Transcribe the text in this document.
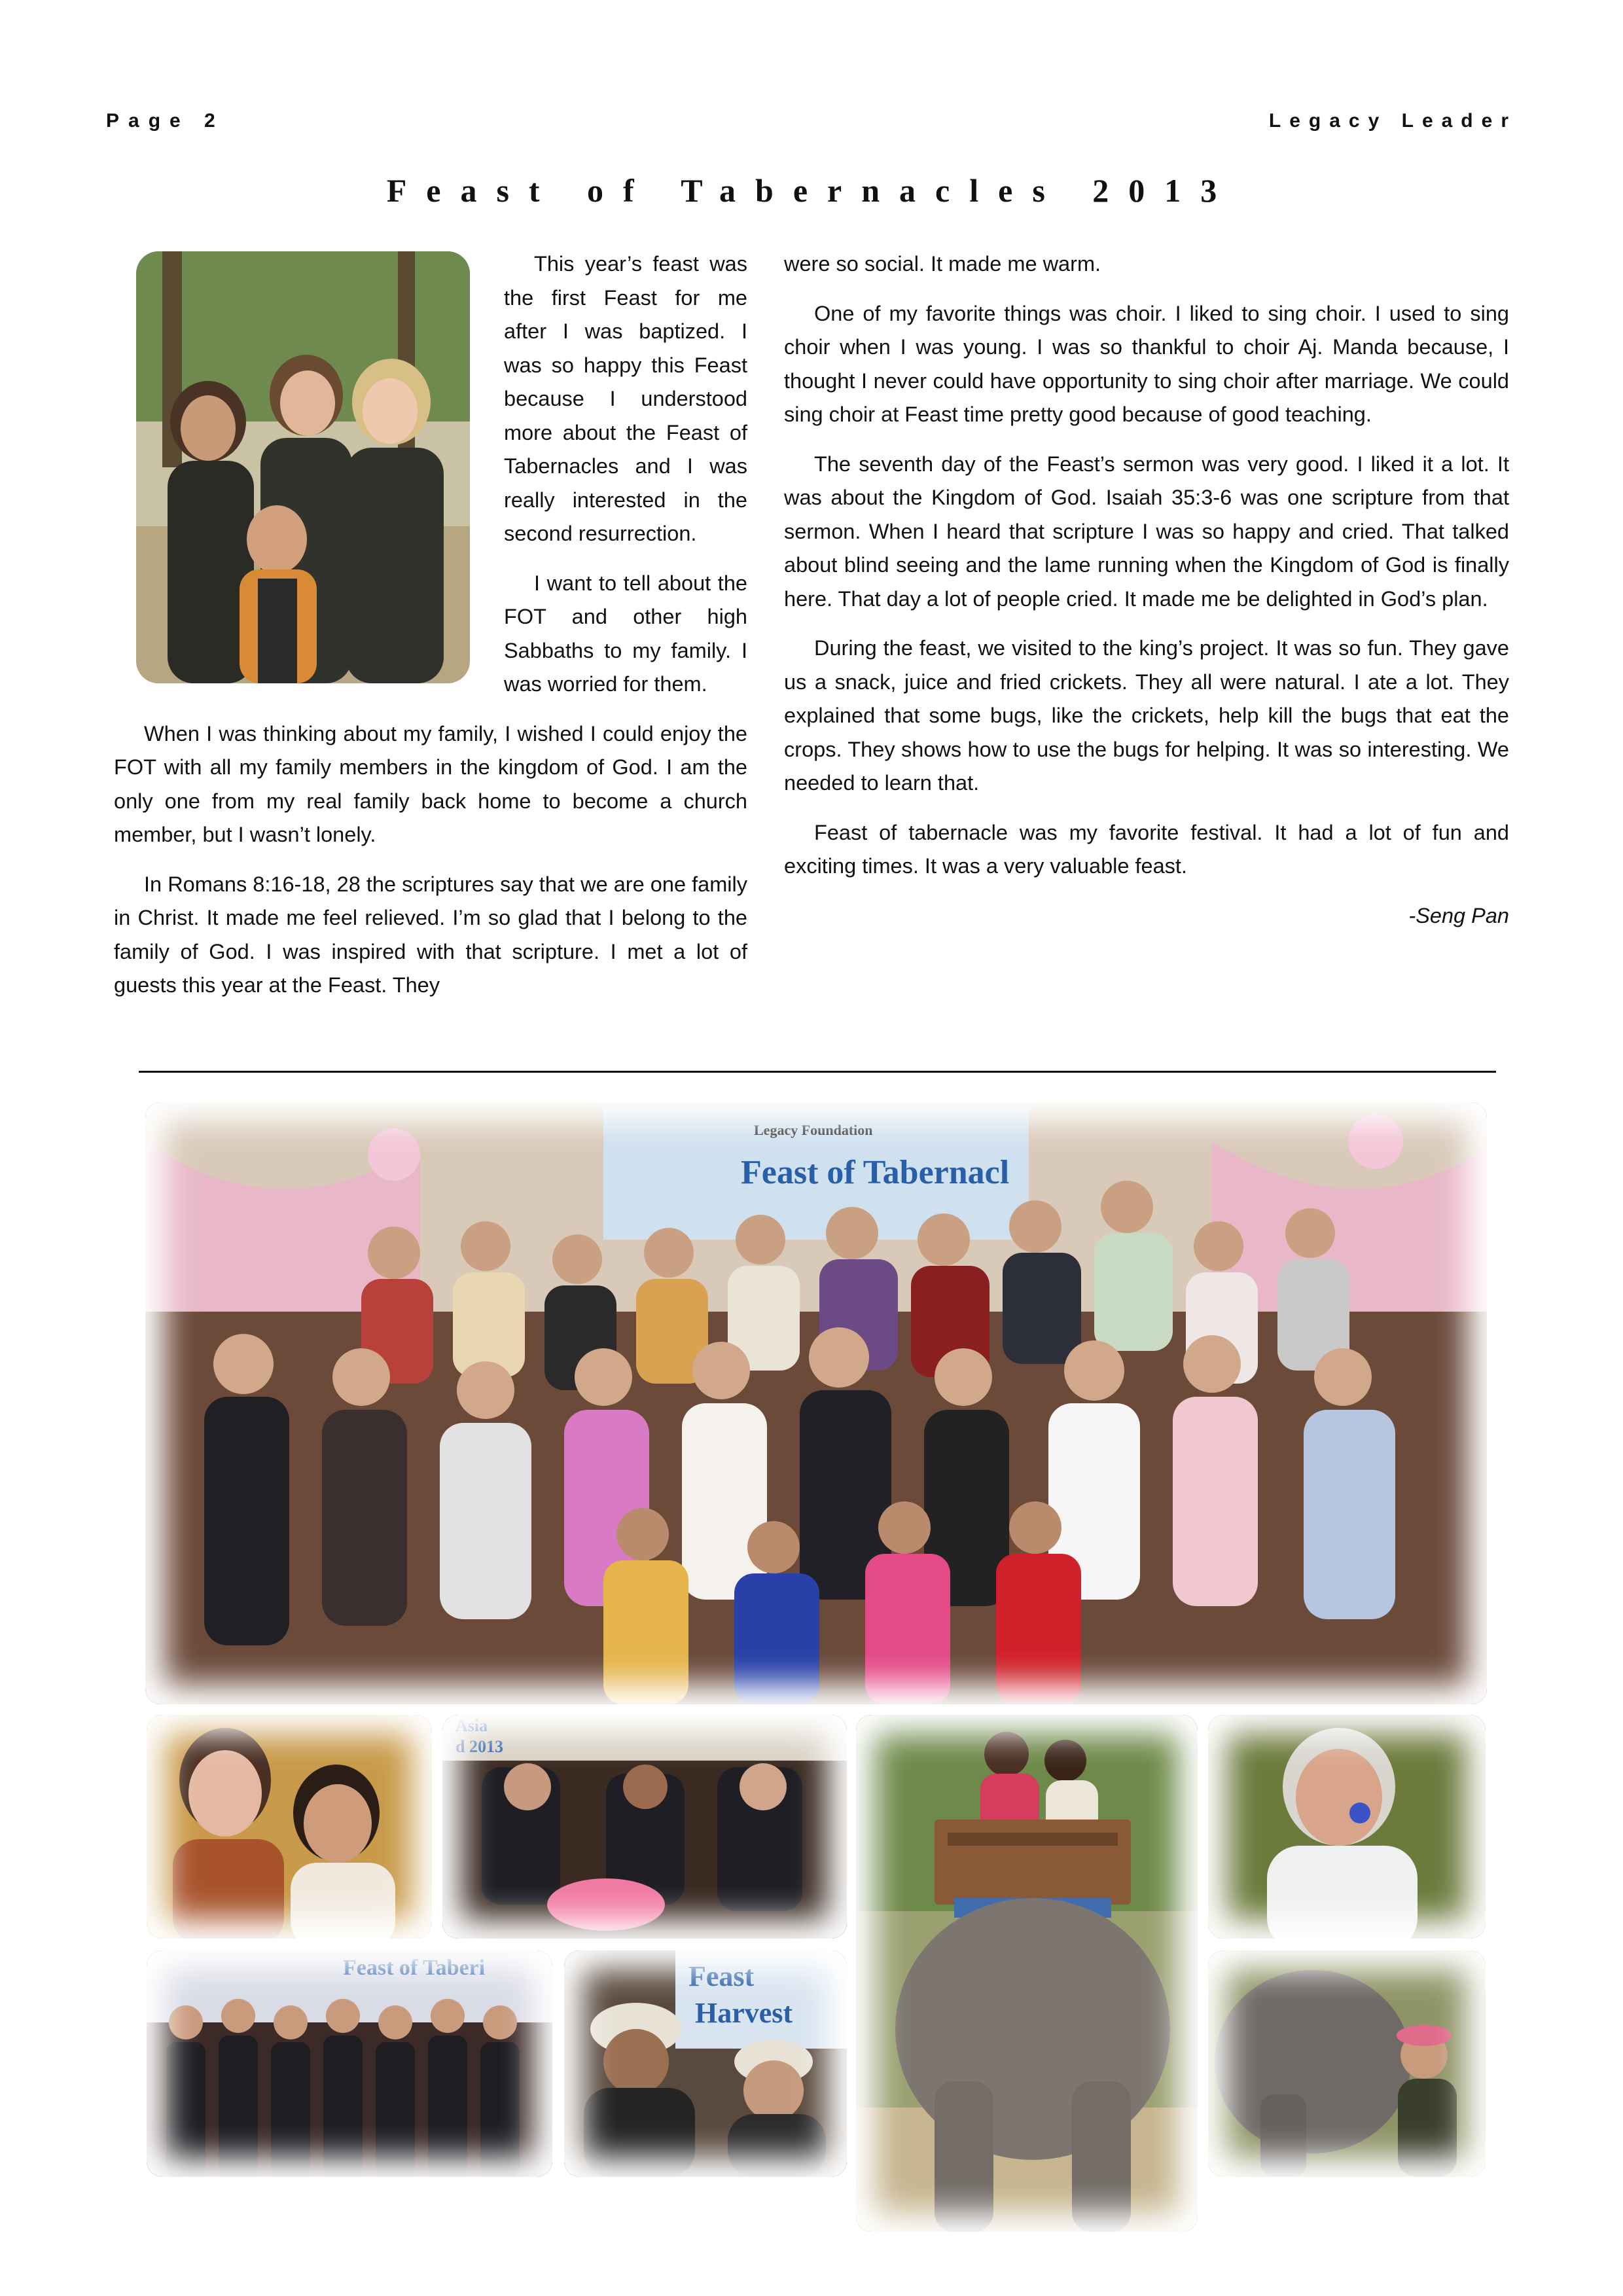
Page 2	Legacy Leader
Feast of Tabernacles 2013

This year’s feast was the first Feast for me after I was baptized. I was so happy this Feast because I understood more about the Feast of Tabernacles and I was really interested in the second resurrection.

I want to tell about the FOT and other high Sabbaths to my family. I was worried for them.

When I was thinking about my family, I wished I could enjoy the FOT with all my family members in the kingdom of God. I am the only one from my real family back home to become a church member, but I wasn’t lonely.

In Romans 8:16-18, 28 the scriptures say that we are one family in Christ. It made me feel relieved. I’m so glad that I belong to the family of God. I was inspired with that scripture. I met a lot of guests this year at the Feast. They

were so social. It made me warm.

One of my favorite things was choir. I liked to sing choir. I used to sing choir when I was young. I was so thankful to choir Aj. Manda because, I thought I never could have opportunity to sing choir after marriage. We could sing choir at Feast time pretty good because of good teaching.

The seventh day of the Feast’s sermon was very good. I liked it a lot. It was about the Kingdom of God. Isaiah 35:3-6 was one scripture from that sermon. When I heard that scripture I was so happy and cried. That talked about blind seeing and the lame running when the Kingdom of God is finally here. That day a lot of people cried. It made me be delighted in God’s plan.

During the feast, we visited to the king’s project. It was so fun. They gave us a snack, juice and fried crickets. They all were natural. I ate a lot. They explained that some bugs, like the crickets, help kill the bugs that eat the crops. They shows how to use the bugs for helping. It was so interesting. We needed to learn that.

Feast of tabernacle was my favorite festival. It had a lot of fun and exciting times. It was a very valuable feast.

-Seng Pan

Legacy Foundation
Feast of Tabernacl
Asia
d 2013
Feast of Taberi	Feast
Harvest
